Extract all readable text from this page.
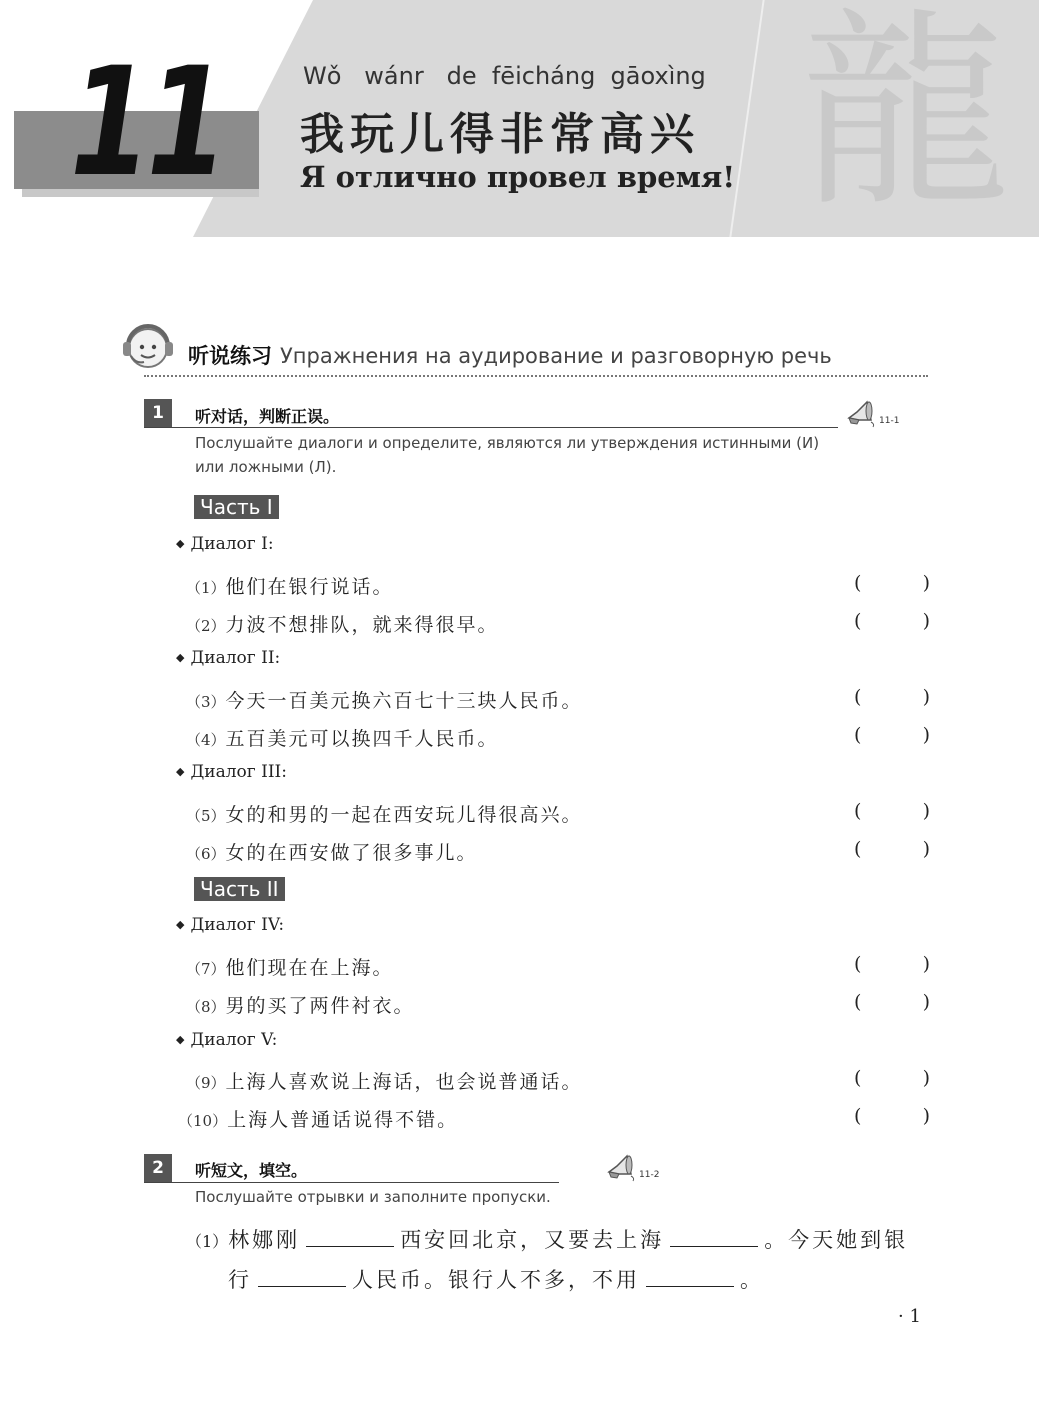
龍
11	Wǒ   wánr   de  fēicháng  gāoxìng
我玩儿得非常高兴
Я отлично провел время!
听说练习 Упражнения на аудирование и разговорную речь
1	听对话，判断正误。	11-1
Послушайте диалоги и определите, являются ли утверждения истинными (И)
или ложными (Л).
Часть I
◆ Диалог I:
（1）他们在银行说话。	(	)
（2）力波不想排队，就来得很早。	(	)
◆ Диалог II:
（3）今天一百美元换六百七十三块人民币。	(	)
（4）五百美元可以换四千人民币。	(	)
◆ Диалог III:
（5）女的和男的一起在西安玩儿得很高兴。	(	)
（6）女的在西安做了很多事儿。	(	)
Часть II
◆ Диалог IV:
（7）他们现在在上海。	(	)
（8）男的买了两件衬衣。	(	)
◆ Диалог V:
（9）上海人喜欢说上海话，也会说普通话。	(	)
（10）上海人普通话说得不错。	(	)
2	听短文，填空。	11-2
Послушайте отрывки и заполните пропуски.
（1）林娜刚	西安回北京，又要去上海	。今天她到银
行	人民币。银行人不多，不用	。
· 1
